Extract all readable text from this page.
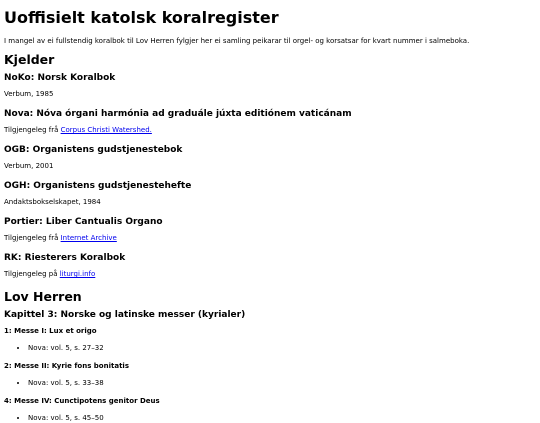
Uoffisielt katolsk koralregister

I mangel av ei fullstendig koralbok til Lov Herren fylgjer her ei samling peikarar til orgel- og korsatsar for kvart nummer i salmeboka.

Kjelder
NoKo: Norsk Koralbok

Verbum, 1985

Nova: Nóva órgani harmónia ad graduále júxta editiónem vaticánam

Tilgjengeleg frå Corpus Christi Watershed.

OGB: Organistens gudstjenestebok

Verbum, 2001

OGH: Organistens gudstjenestehefte

Andaktsbokselskapet, 1984

Portier: Liber Cantualis Organo

Tilgjengeleg frå Internet Archive

RK: Riesterers Koralbok

Tilgjengeleg på liturgi.info

Lov Herren
Kapittel 3: Norske og latinske messer (kyrialer)
1: Messe I: Lux et origo
• Nova: vol. 5, s. 27–32
2: Messe II: Kyrie fons bonitatis
• Nova: vol. 5, s. 33–38
4: Messe IV: Cunctipotens genitor Deus
• Nova: vol. 5, s. 45–50
